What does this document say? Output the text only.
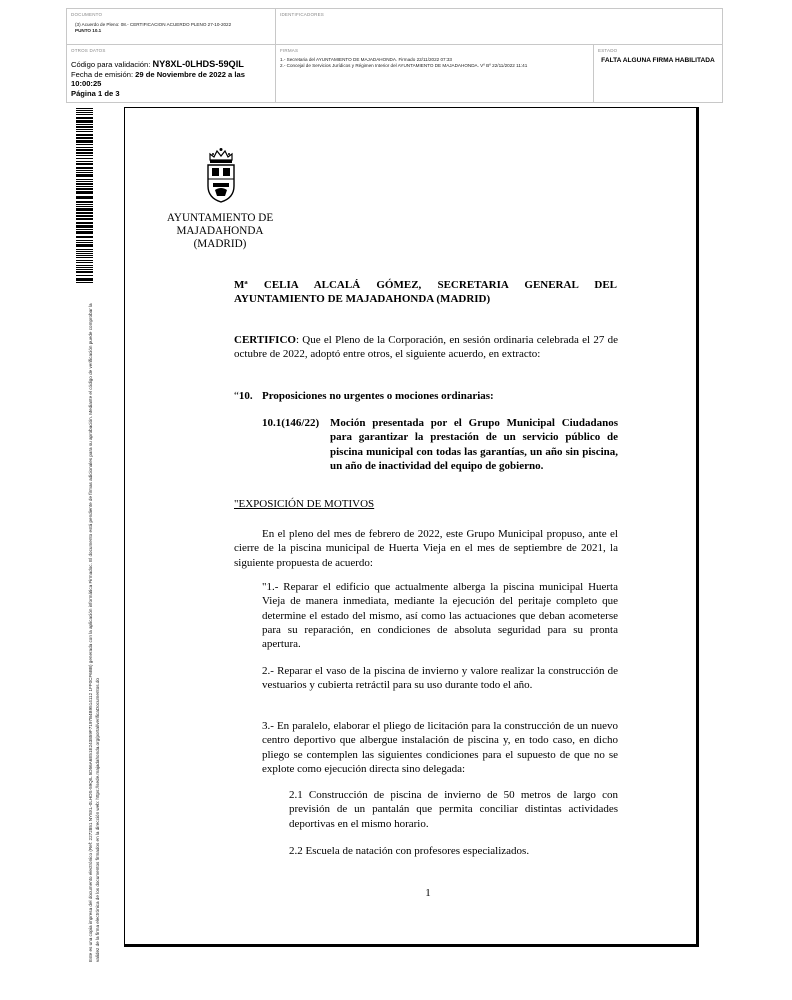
DOCUMENTO
(3) Acuerdo de Pleno: 08.- CERTIFICACION ACUERDO PLENO 27-10-2022
PUNTO 10.1
IDENTIFICADORES
OTROS DATOS
Código para validación: NY8XL-0LHDS-59QIL
Fecha de emisión: 29 de Noviembre de 2022 a las 10:00:25
Página 1 de 3
FIRMAS
1.- Secretaria del AYUNTAMIENTO DE MAJADAHONDA. Firmado 22/11/2022 07:33
2.- Concejal de Servicios Jurídicos y Régimen Interior del AYUNTAMIENTO DE MAJADAHONDA. Vº Bº 22/11/2022 11:41
ESTADO
FALTA ALGUNA FIRMA HABILITADA
Este es una copia impresa del documento electrónico (Ref: 2272851 NY8XL-0LHDS-59QIL 5D56A6E51E243859F7197B4B9514112 1FF0CF6BB) generada con la aplicación informática Firmadoc. El documento está pendiente de firmas adicionales para su aprobación. Mediante el código de verificación puede comprobar la validez de la firma electrónica de los documentos firmados en la dirección web: https://sede.majadahonda.org/portal/verificaDocumentos.do
AYUNTAMIENTO DE
MAJADAHONDA
(MADRID)
Mª CELIA ALCALÁ GÓMEZ, SECRETARIA GENERAL DEL
AYUNTAMIENTO DE MAJADAHONDA (MADRID)
CERTIFICO: Que el Pleno de la Corporación, en sesión ordinaria celebrada el 27 de octubre de 2022, adoptó entre otros, el siguiente acuerdo, en extracto:
“10. Proposiciones no urgentes o mociones ordinarias:
10.1(146/22) Moción presentada por el Grupo Municipal Ciudadanos para garantizar la prestación de un servicio público de piscina municipal con todas las garantías, un año sin piscina, un año de inactividad del equipo de gobierno.
"EXPOSICIÓN DE MOTIVOS
En el pleno del mes de febrero de 2022, este Grupo Municipal propuso, ante el cierre de la piscina municipal de Huerta Vieja en el mes de septiembre de 2021, la siguiente propuesta de acuerdo:
"1.- Reparar el edificio que actualmente alberga la piscina municipal Huerta Vieja de manera inmediata, mediante la ejecución del peritaje completo que determine el estado del mismo, así como las actuaciones que deban acometerse para su reparación, en condiciones de absoluta seguridad para su pronta apertura.
2.- Reparar el vaso de la piscina de invierno y valore realizar la construcción de vestuarios y cubierta retráctil para su uso durante todo el año.
3.- En paralelo, elaborar el pliego de licitación para la construcción de un nuevo centro deportivo que albergue instalación de piscina y, en todo caso, en dicho pliego se contemplen las siguientes condiciones para el supuesto de que no se explote como ejecución directa sino delegada:
2.1 Construcción de piscina de invierno de 50 metros de largo con previsión de un pantalán que permita conciliar distintas actividades deportivas en el mismo horario.
2.2 Escuela de natación con profesores especializados.
1
